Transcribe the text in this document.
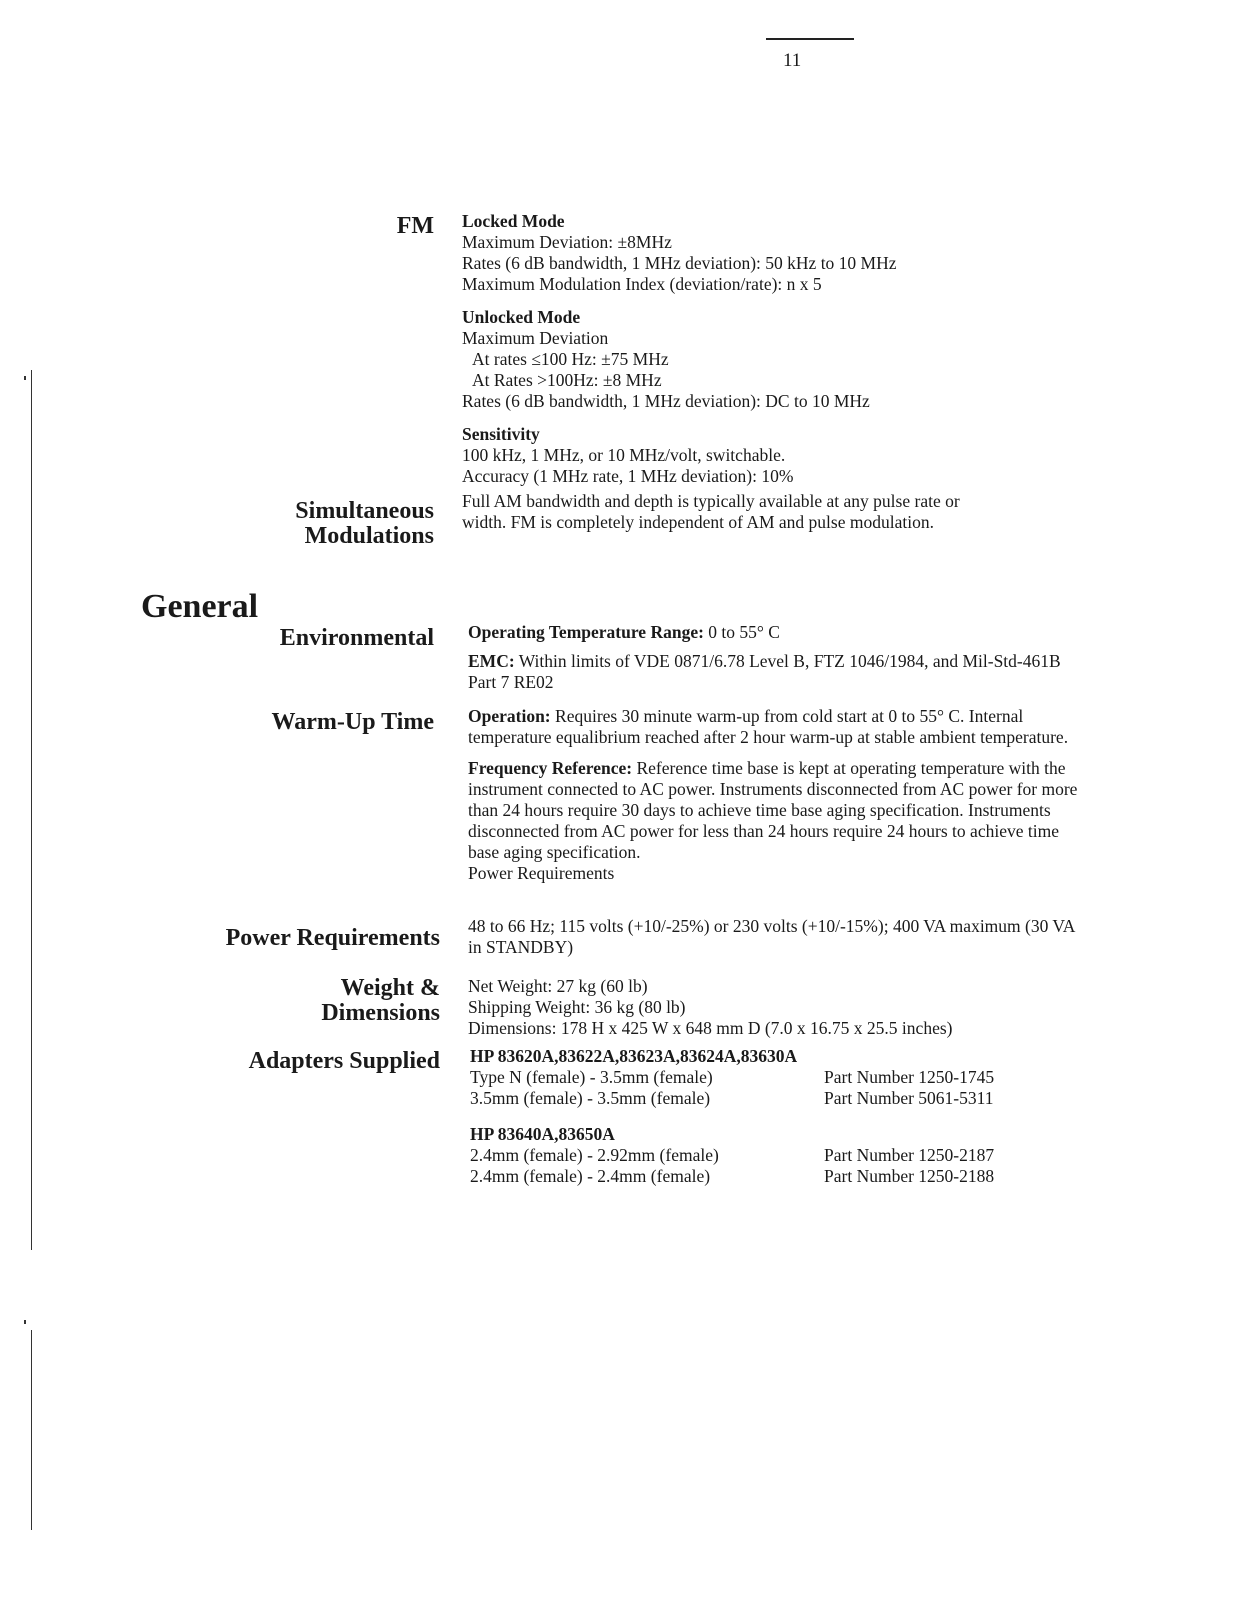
11
FM Locked Mode
Maximum Deviation: ±8MHz
Rates (6 dB bandwidth, 1 MHz deviation): 50 kHz to 10 MHz
Maximum Modulation Index (deviation/rate): n x 5
Unlocked Mode
Maximum Deviation
At rates ≤100 Hz: ±75 MHz
At Rates >100Hz: ±8 MHz
Rates (6 dB bandwidth, 1 MHz deviation): DC to 10 MHz
Sensitivity
100 kHz, 1 MHz, or 10 MHz/volt, switchable.
Accuracy (1 MHz rate, 1 MHz deviation): 10%
Simultaneous
Modulations
Full AM bandwidth and depth is typically available at any pulse rate or
width. FM is completely independent of AM and pulse modulation.
General
Environmental Operating Temperature Range: 0 to 55° C
EMC: Within limits of VDE 0871/6.78 Level B, FTZ 1046/1984, and Mil-Std-461B Part 7 RE02
Warm-Up Time Operation: Requires 30 minute warm-up from cold start at 0 to 55° C. Internal temperature equalibrium reached after 2 hour warm-up at stable ambient temperature.
Frequency Reference: Reference time base is kept at operating temperature with the instrument connected to AC power. Instruments disconnected from AC power for more than 24 hours require 30 days to achieve time base aging specification. Instruments disconnected from AC power for less than 24 hours require 24 hours to achieve time base aging specification.
Power Requirements
Power Requirements 48 to 66 Hz; 115 volts (+10/-25%) or 230 volts (+10/-15%); 400 VA maximum (30 VA in STANDBY)
Weight &
Dimensions
Net Weight: 27 kg (60 lb)
Shipping Weight: 36 kg (80 lb)
Dimensions: 178 H x 425 W x 648 mm D (7.0 x 16.75 x 25.5 inches)
Adapters Supplied HP 83620A,83622A,83623A,83624A,83630A
Type N (female) - 3.5mm (female)	Part Number 1250-1745
3.5mm (female) - 3.5mm (female)	Part Number 5061-5311
HP 83640A,83650A
2.4mm (female) - 2.92mm (female)	Part Number 1250-2187
2.4mm (female) - 2.4mm (female)	Part Number 1250-2188
